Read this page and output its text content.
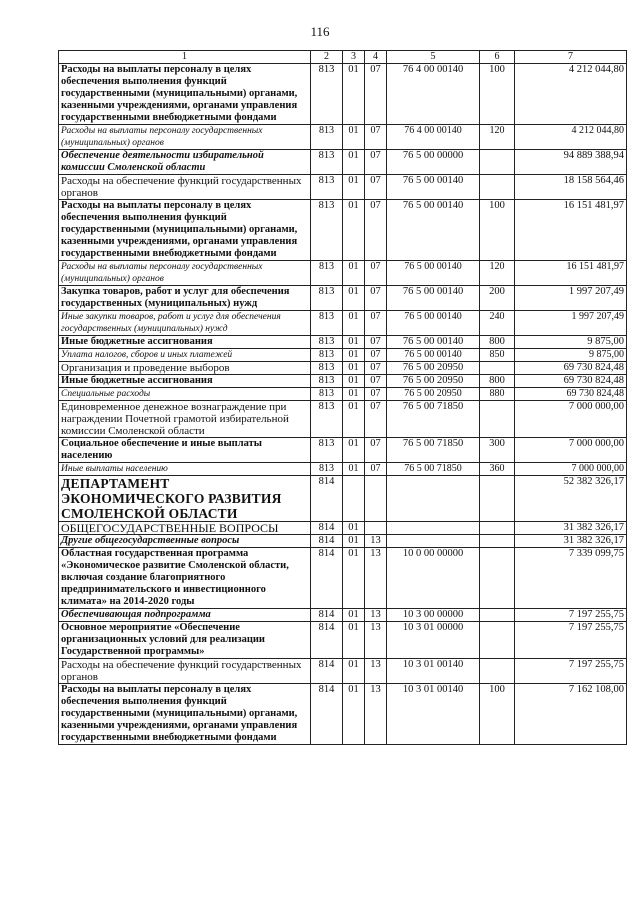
116
1	2	3	4	5	6	7
Расходы на выплаты персоналу в целях обеспечения выполнения функций государственными (муниципальными) органами, казенными учреждениями, органами управления государственными внебюджетными фондами	813	01	07	76 4 00 00140	100	4 212 044,80
Расходы на выплаты персоналу государственных (муниципальных) органов	813	01	07	76 4 00 00140	120	4 212 044,80
Обеспечение деятельности избирательной комиссии Смоленской области	813	01	07	76 5 00 00000		94 889 388,94
Расходы на обеспечение функций государственных органов	813	01	07	76 5 00 00140		18 158 564,46
Расходы на выплаты персоналу в целях обеспечения выполнения функций государственными (муниципальными) органами, казенными учреждениями, органами управления государственными внебюджетными фондами	813	01	07	76 5 00 00140	100	16 151 481,97
Расходы на выплаты персоналу государственных (муниципальных) органов	813	01	07	76 5 00 00140	120	16 151 481,97
Закупка товаров, работ и услуг для обеспечения государственных (муниципальных) нужд	813	01	07	76 5 00 00140	200	1 997 207,49
Иные закупки товаров, работ и услуг для обеспечения государственных (муниципальных) нужд	813	01	07	76 5 00 00140	240	1 997 207,49
Иные бюджетные ассигнования	813	01	07	76 5 00 00140	800	9 875,00
Уплата налогов, сборов и иных платежей	813	01	07	76 5 00 00140	850	9 875,00
Организация и проведение выборов	813	01	07	76 5 00 20950		69 730 824,48
Иные бюджетные ассигнования	813	01	07	76 5 00 20950	800	69 730 824,48
Специальные расходы	813	01	07	76 5 00 20950	880	69 730 824,48
Единовременное денежное вознаграждение при награждении Почетной грамотой избирательной комиссии Смоленской области	813	01	07	76 5 00 71850		7 000 000,00
Социальное обеспечение и иные выплаты населению	813	01	07	76 5 00 71850	300	7 000 000,00
Иные выплаты населению	813	01	07	76 5 00 71850	360	7 000 000,00
ДЕПАРТАМЕНТ ЭКОНОМИЧЕСКОГО РАЗВИТИЯ СМОЛЕНСКОЙ ОБЛАСТИ	814					52 382 326,17
ОБЩЕГОСУДАРСТВЕННЫЕ ВОПРОСЫ	814	01				31 382 326,17
Другие общегосударственные вопросы	814	01	13			31 382 326,17
Областная государственная программа «Экономическое развитие Смоленской области, включая создание благоприятного предпринимательского и инвестиционного климата» на 2014-2020 годы	814	01	13	10 0 00 00000		7 339 099,75
Обеспечивающая подпрограмма	814	01	13	10 3 00 00000		7 197 255,75
Основное мероприятие «Обеспечение организационных условий для реализации Государственной программы»	814	01	13	10 3 01 00000		7 197 255,75
Расходы на обеспечение функций государственных органов	814	01	13	10 3 01 00140		7 197 255,75
Расходы на выплаты персоналу в целях обеспечения выполнения функций государственными (муниципальными) органами, казенными учреждениями, органами управления государственными внебюджетными фондами	814	01	13	10 3 01 00140	100	7 162 108,00
